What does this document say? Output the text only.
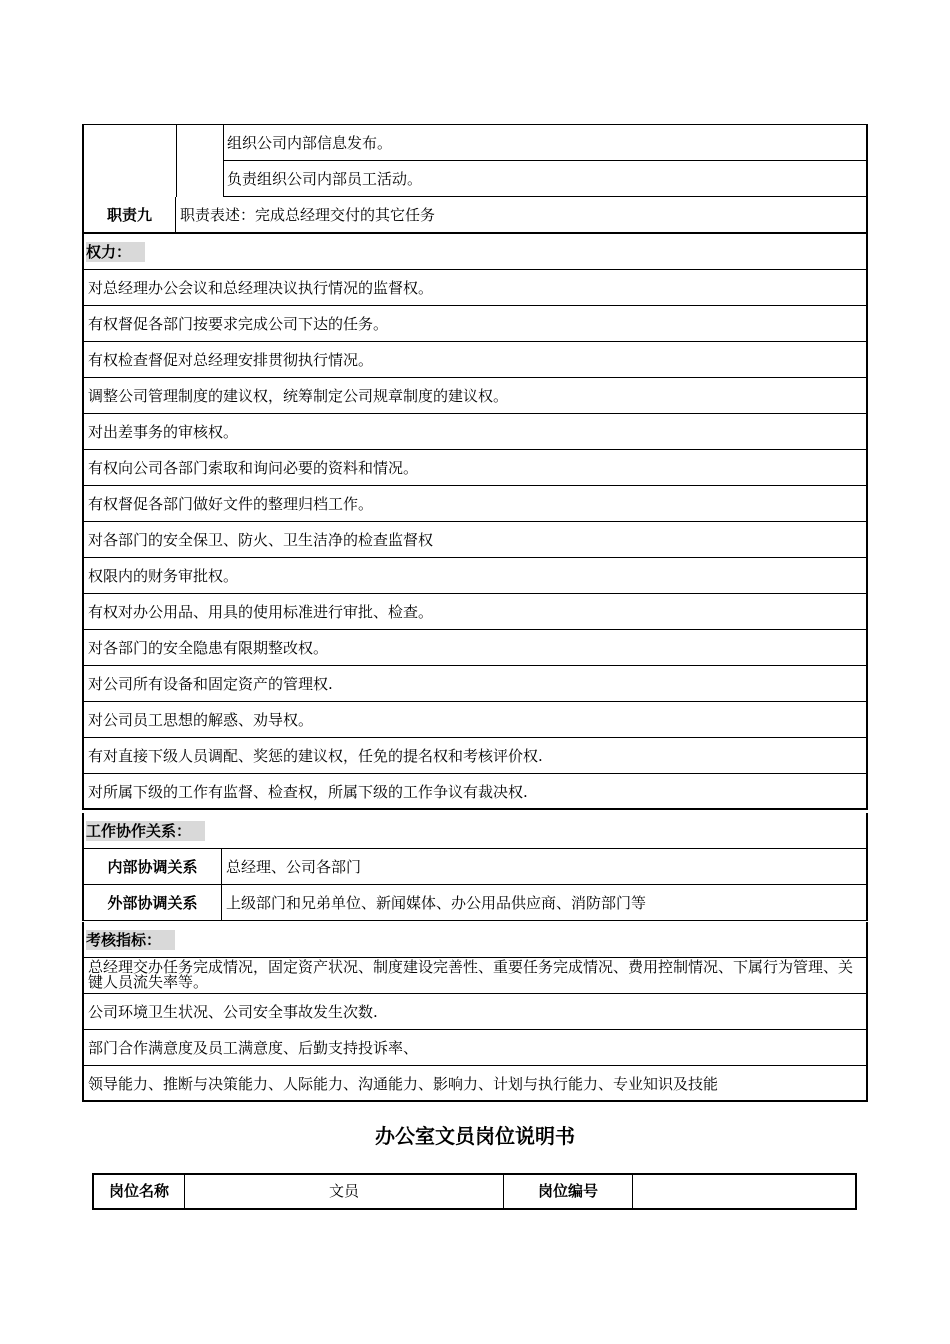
组织公司内部信息发布。
负责组织公司内部员工活动。
职责九	职责表述：完成总经理交付的其它任务
权力：
对总经理办公会议和总经理决议执行情况的监督权。
有权督促各部门按要求完成公司下达的任务。
有权检查督促对总经理安排贯彻执行情况。
调整公司管理制度的建议权，统筹制定公司规章制度的建议权。
对出差事务的审核权。
有权向公司各部门索取和询问必要的资料和情况。
有权督促各部门做好文件的整理归档工作。
对各部门的安全保卫、防火、卫生洁净的检查监督权
权限内的财务审批权。
有权对办公用品、用具的使用标准进行审批、检查。
对各部门的安全隐患有限期整改权。
对公司所有设备和固定资产的管理权.
对公司员工思想的解惑、劝导权。
有对直接下级人员调配、奖惩的建议权，任免的提名权和考核评价权.
对所属下级的工作有监督、检查权，所属下级的工作争议有裁决权.
工作协作关系：
内部协调关系	总经理、公司各部门
外部协调关系	上级部门和兄弟单位、新闻媒体、办公用品供应商、消防部门等
考核指标：
总经理交办任务完成情况，固定资产状况、制度建设完善性、重要任务完成情况、费用控制情况、下属行为管理、关键人员流失率等。
公司环境卫生状况、公司安全事故发生次数.
部门合作满意度及员工满意度、后勤支持投诉率、
领导能力、推断与决策能力、人际能力、沟通能力、影响力、计划与执行能力、专业知识及技能
办公室文员岗位说明书
岗位名称	文员	岗位编号
